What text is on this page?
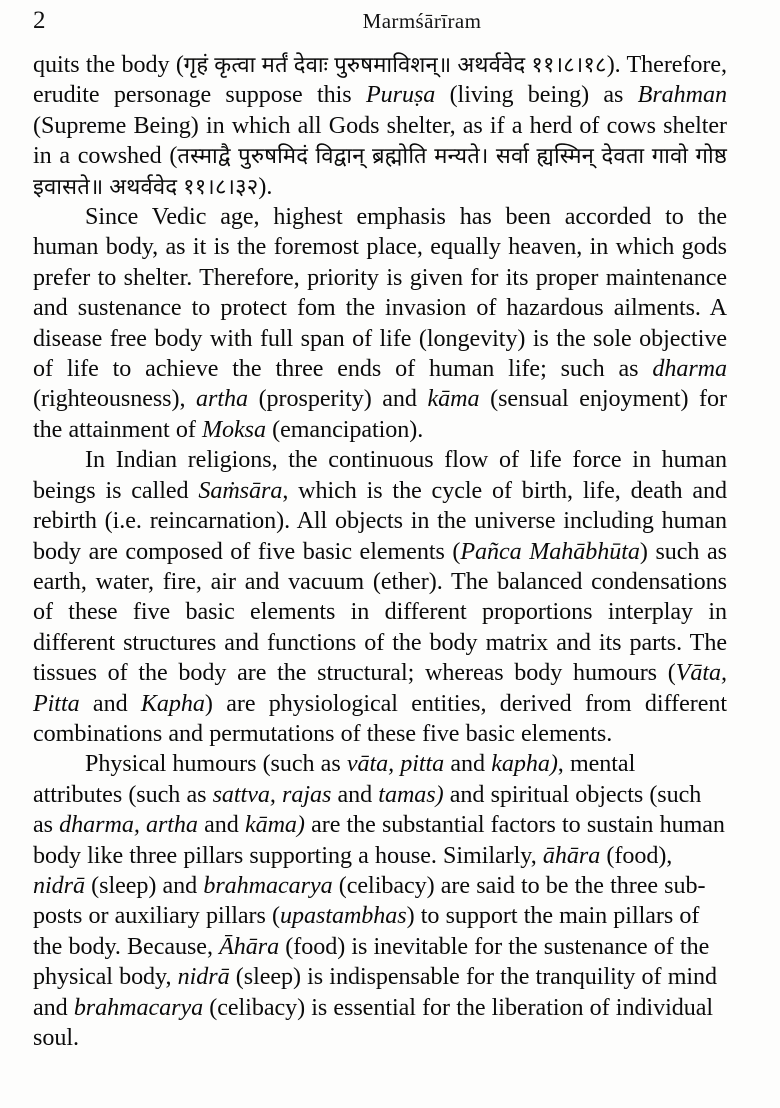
2	Marmśārīram

quits the body (गृहं कृत्वा मर्तं देवाः पुरुषमाविशन्॥ अथर्ववेद ११।८।१८). Therefore, erudite personage suppose this Puruṣa (living being) as Brahman (Supreme Being) in which all Gods shelter, as if a herd of cows shelter in a cowshed (तस्माद्वै पुरुषमिदं विद्वान् ब्रह्मोति मन्यते। सर्वा ह्यस्मिन् देवता गावो गोष्ठ इवासते॥ अथर्ववेद ११।८।३२).

Since Vedic age, highest emphasis has been accorded to the human body, as it is the foremost place, equally heaven, in which gods prefer to shelter. Therefore, priority is given for its proper maintenance and sustenance to protect fom the invasion of hazardous ailments. A disease free body with full span of life (longevity) is the sole objective of life to achieve the three ends of human life; such as dharma (righteousness), artha (prosperity) and kāma (sensual enjoyment) for the attainment of Moksa (emancipation).

In Indian religions, the continuous flow of life force in human beings is called Saṁsāra, which is the cycle of birth, life, death and rebirth (i.e. reincarnation). All objects in the universe including human body are composed of five basic elements (Pañca Mahābhūta) such as earth, water, fire, air and vacuum (ether). The balanced condensations of these five basic elements in different proportions interplay in different structures and functions of the body matrix and its parts. The tissues of the body are the structural; whereas body humours (Vāta, Pitta and Kapha) are physiological entities, derived from different combinations and permutations of these five basic elements.

Physical humours (such as vāta, pitta and kapha), mental attributes (such as sattva, rajas and tamas) and spiritual objects (such as dharma, artha and kāma) are the substantial factors to sustain human body like three pillars supporting a house. Similarly, āhāra (food), nidrā (sleep) and brahmacarya (celibacy) are said to be the three sub-posts or auxiliary pillars (upastambhas) to support the main pillars of the body. Because, Āhāra (food) is inevitable for the sustenance of the physical body, nidrā (sleep) is indispensable for the tranquility of mind and brahmacarya (celibacy) is essential for the liberation of individual soul.
